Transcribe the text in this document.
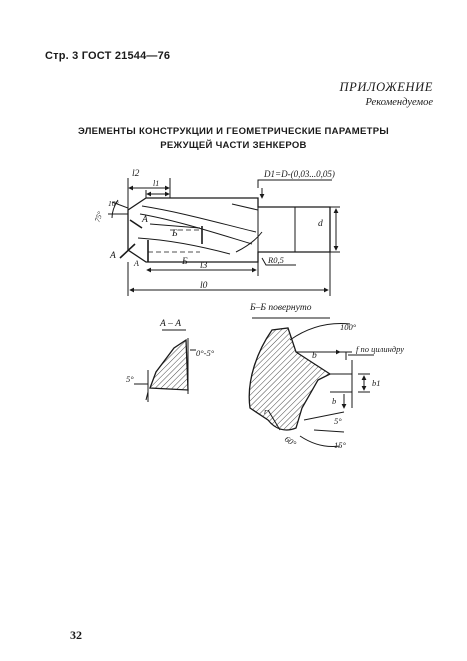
Стр. 3 ГОСТ 21544—76
ПРИЛОЖЕНИЕ
Рекомендуемое
ЭЛЕМЕНТЫ КОНСТРУКЦИИ И ГЕОМЕТРИЧЕСКИЕ ПАРАМЕТРЫ
РЕЖУЩЕЙ ЧАСТИ ЗЕНКЕРОВ
l2
l1
D1=D-(0,03...0,05)
d
R0,5
l3
l0
10°
75°
А
А
А
Б
Б
А – А
0°-5°
5°
Б–Б повернуто
100°
b
f по цилиндру
b1
b
5°
15°
60°
r
32
